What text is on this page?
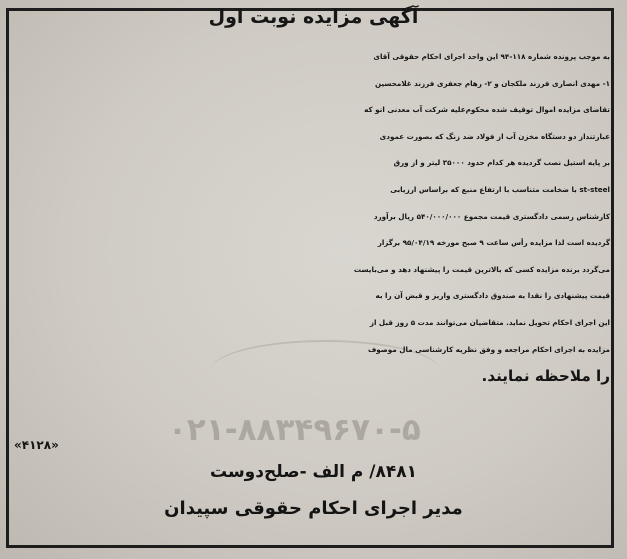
۰۲۱-۸۸۳۴۹۶۷۰-۵
آگهی مزایده نوبت اول
به موجب پرونده شماره ۱۱۸-۹۴ این واحد اجرای احکام حقوقی آقای
۱- مهدی انصاری فرزند ملکجان و ۲- رهام جعفری فرزند غلامحسین
تقاضای مزایده اموال توقیف شده محکوم‌علیه شرکت آب معدنی انو که
عبارتنداز دو دستگاه مخزن آب از فولاد ضد زنگ که بصورت عمودی
بر پایه استیل نصب گردیده هر کدام حدود ۳۵۰۰۰ لیتر و از ورق
st-steel با ضخامت متناسب با ارتفاع منبع که براساس ارزیابی
کارشناس رسمی دادگستری قیمت مجموع ۵۴۰/۰۰۰/۰۰۰ ریال برآورد
گردیده است لذا مزایده رأس ساعت ۹ صبح مورخه ۹۵/۰۴/۱۹ برگزار
می‌گردد برنده مزایده کسی که بالاترین قیمت را پیشنهاد دهد و می‌بایست
قیمت پیشنهادی را نقدا به صندوق دادگستری واریز و قبض آن را به
این اجرای احکام تحویل نماید. متقاضیان می‌توانند مدت ۵ روز قبل از
مزایده به اجرای احکام مراجعه و وفق نظریه کارشناسی مال موصوف
را ملاحظه نمایند.
«۴۱۲۸»
۸۴۸۱/ م الف -صلح‌دوست
مدیر اجرای احکام حقوقی سپیدان
